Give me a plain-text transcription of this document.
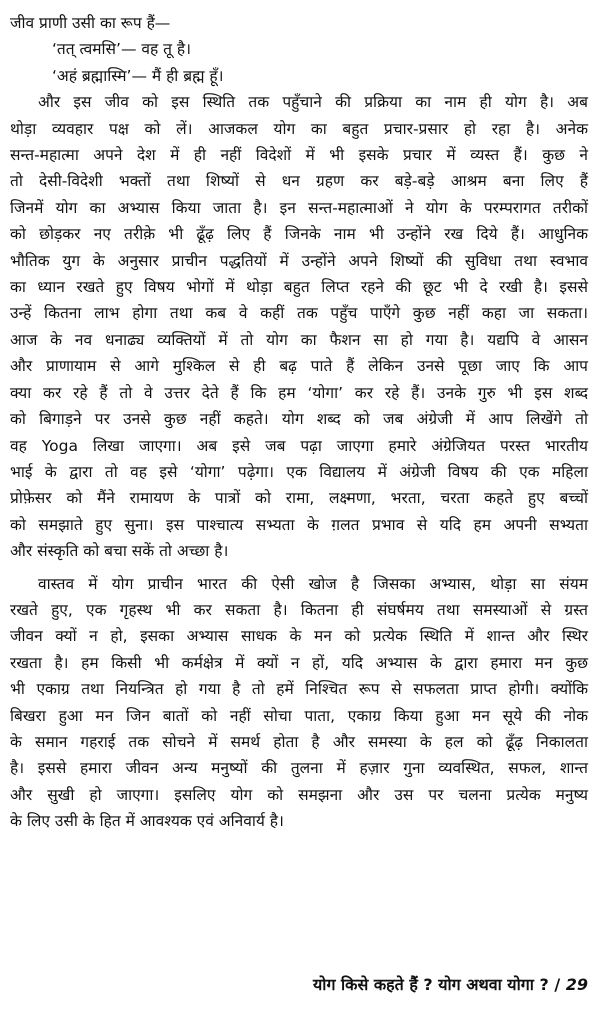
जीव प्राणी उसी का रूप हैं—
‘तत् त्वमसि’— वह तू है।
‘अहं ब्रह्मास्मि’— मैं ही ब्रह्म हूँ।
और इस जीव को इस स्थिति तक पहुँचाने की प्रक्रिया का नाम ही योग है। अब
थोड़ा व्यवहार पक्ष को लें। आजकल योग का बहुत प्रचार-प्रसार हो रहा है। अनेक
सन्त-महात्मा अपने देश में ही नहीं विदेशों में भी इसके प्रचार में व्यस्त हैं। कुछ ने
तो देसी-विदेशी भक्तों तथा शिष्यों से धन ग्रहण कर बड़े-बड़े आश्रम बना लिए हैं
जिनमें योग का अभ्यास किया जाता है। इन सन्त-महात्माओं ने योग के परम्परागत तरीकों
को छोड़कर नए तरीक़े भी ढूँढ़ लिए हैं जिनके नाम भी उन्होंने रख दिये हैं। आधुनिक
भौतिक युग के अनुसार प्राचीन पद्धतियों में उन्होंने अपने शिष्यों की सुविधा तथा स्वभाव
का ध्यान रखते हुए विषय भोगों में थोड़ा बहुत लिप्त रहने की छूट भी दे रखी है। इससे
उन्हें कितना लाभ होगा तथा कब वे कहीं तक पहुँच पाएँगे कुछ नहीं कहा जा सकता।
आज के नव धनाढ्य व्यक्तियों में तो योग का फैशन सा हो गया है। यद्यपि वे आसन
और प्राणायाम से आगे मुश्किल से ही बढ़ पाते हैं लेकिन उनसे पूछा जाए कि आप
क्या कर रहे हैं तो वे उत्तर देते हैं कि हम ‘योगा’ कर रहे हैं। उनके गुरु भी इस शब्द
को बिगाड़ने पर उनसे कुछ नहीं कहते। योग शब्द को जब अंग्रेजी में आप लिखेंगे तो
वह Yoga लिखा जाएगा। अब इसे जब पढ़ा जाएगा हमारे अंग्रेजियत परस्त भारतीय
भाई के द्वारा तो वह इसे ‘योगा’ पढ़ेगा। एक विद्यालय में अंग्रेजी विषय की एक महिला
प्रोफ़ेसर को मैंने रामायण के पात्रों को रामा, लक्ष्मणा, भरता, चरता कहते हुए बच्चों
को समझाते हुए सुना। इस पाश्चात्य सभ्यता के ग़लत प्रभाव से यदि हम अपनी सभ्यता
और संस्कृति को बचा सकें तो अच्छा है।
वास्तव में योग प्राचीन भारत की ऐसी खोज है जिसका अभ्यास, थोड़ा सा संयम
रखते हुए, एक गृहस्थ भी कर सकता है। कितना ही संघर्षमय तथा समस्याओं से ग्रस्त
जीवन क्यों न हो, इसका अभ्यास साधक के मन को प्रत्येक स्थिति में शान्त और स्थिर
रखता है। हम किसी भी कर्मक्षेत्र में क्यों न हों, यदि अभ्यास के द्वारा हमारा मन कुछ
भी एकाग्र तथा नियन्त्रित हो गया है तो हमें निश्चित रूप से सफलता प्राप्त होगी। क्योंकि
बिखरा हुआ मन जिन बातों को नहीं सोचा पाता, एकाग्र किया हुआ मन सूये की नोक
के समान गहराई तक सोचने में समर्थ होता है और समस्या के हल को ढूँढ़ निकालता
है। इससे हमारा जीवन अन्य मनुष्यों की तुलना में हज़ार गुना व्यवस्थित, सफल, शान्त
और सुखी हो जाएगा। इसलिए योग को समझना और उस पर चलना प्रत्येक मनुष्य
के लिए उसी के हित में आवश्यक एवं अनिवार्य है।
योग किसे कहते हैं ? योग अथवा योगा ? / 29
